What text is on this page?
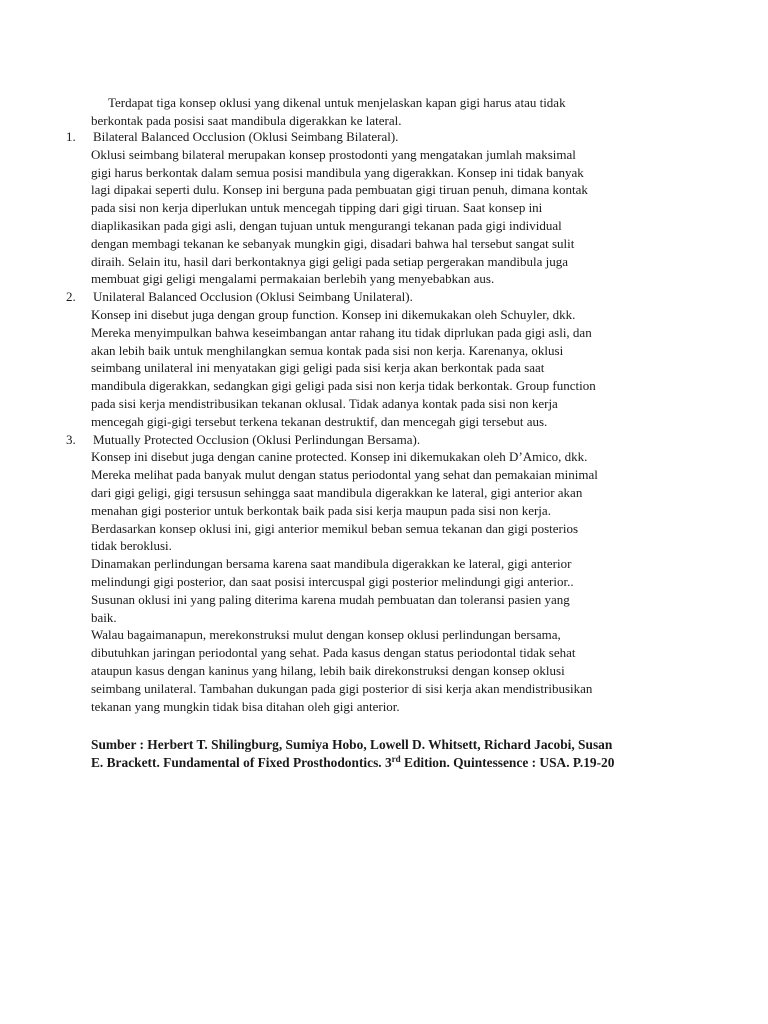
Terdapat tiga konsep oklusi yang dikenal untuk menjelaskan kapan gigi harus atau tidak
berkontak pada posisi saat mandibula digerakkan ke lateral.
1. Bilateral Balanced Occlusion (Oklusi Seimbang Bilateral).
Oklusi seimbang bilateral merupakan konsep prostodonti yang mengatakan jumlah maksimal
gigi harus berkontak dalam semua posisi mandibula yang digerakkan. Konsep ini tidak banyak
lagi dipakai seperti dulu. Konsep ini berguna pada pembuatan gigi tiruan penuh, dimana kontak
pada sisi non kerja diperlukan untuk mencegah tipping dari gigi tiruan. Saat konsep ini
diaplikasikan pada gigi asli, dengan tujuan untuk mengurangi tekanan pada gigi individual
dengan membagi tekanan ke sebanyak mungkin gigi, disadari bahwa hal tersebut sangat sulit
diraih. Selain itu, hasil dari berkontaknya gigi geligi pada setiap pergerakan mandibula juga
membuat gigi geligi mengalami permakaian berlebih yang menyebabkan aus.
2. Unilateral Balanced Occlusion (Oklusi Seimbang Unilateral).
Konsep ini disebut juga dengan group function. Konsep ini dikemukakan oleh Schuyler, dkk.
Mereka menyimpulkan bahwa keseimbangan antar rahang itu tidak diprlukan pada gigi asli, dan
akan lebih baik untuk menghilangkan semua kontak pada sisi non kerja. Karenanya, oklusi
seimbang unilateral ini menyatakan gigi geligi pada sisi kerja akan berkontak pada saat
mandibula digerakkan, sedangkan gigi geligi pada sisi non kerja tidak berkontak. Group function
pada sisi kerja mendistribusikan tekanan oklusal. Tidak adanya kontak pada sisi non kerja
mencegah gigi-gigi tersebut terkena tekanan destruktif, dan mencegah gigi tersebut aus.
3. Mutually Protected Occlusion (Oklusi Perlindungan Bersama).
Konsep ini disebut juga dengan canine protected. Konsep ini dikemukakan oleh D’Amico, dkk.
Mereka melihat pada banyak mulut dengan status periodontal yang sehat dan pemakaian minimal
dari gigi geligi, gigi tersusun sehingga saat mandibula digerakkan ke lateral, gigi anterior akan
menahan gigi posterior untuk berkontak baik pada sisi kerja maupun pada sisi non kerja.
Berdasarkan konsep oklusi ini, gigi anterior memikul beban semua tekanan dan gigi posterios
tidak beroklusi.
Dinamakan perlindungan bersama karena saat mandibula digerakkan ke lateral, gigi anterior
melindungi gigi posterior, dan saat posisi intercuspal gigi posterior melindungi gigi anterior..
Susunan oklusi ini yang paling diterima karena mudah pembuatan dan toleransi pasien yang
baik.
Walau bagaimanapun, merekonstruksi mulut dengan konsep oklusi perlindungan bersama,
dibutuhkan jaringan periodontal yang sehat. Pada kasus dengan status periodontal tidak sehat
ataupun kasus dengan kaninus yang hilang, lebih baik direkonstruksi dengan konsep oklusi
seimbang unilateral. Tambahan dukungan pada gigi posterior di sisi kerja akan mendistribusikan
tekanan yang mungkin tidak bisa ditahan oleh gigi anterior.
Sumber : Herbert T. Shilingburg, Sumiya Hobo, Lowell D. Whitsett, Richard Jacobi, Susan
E. Brackett. Fundamental of Fixed Prosthodontics. 3rd Edition. Quintessence : USA. P.19-20
